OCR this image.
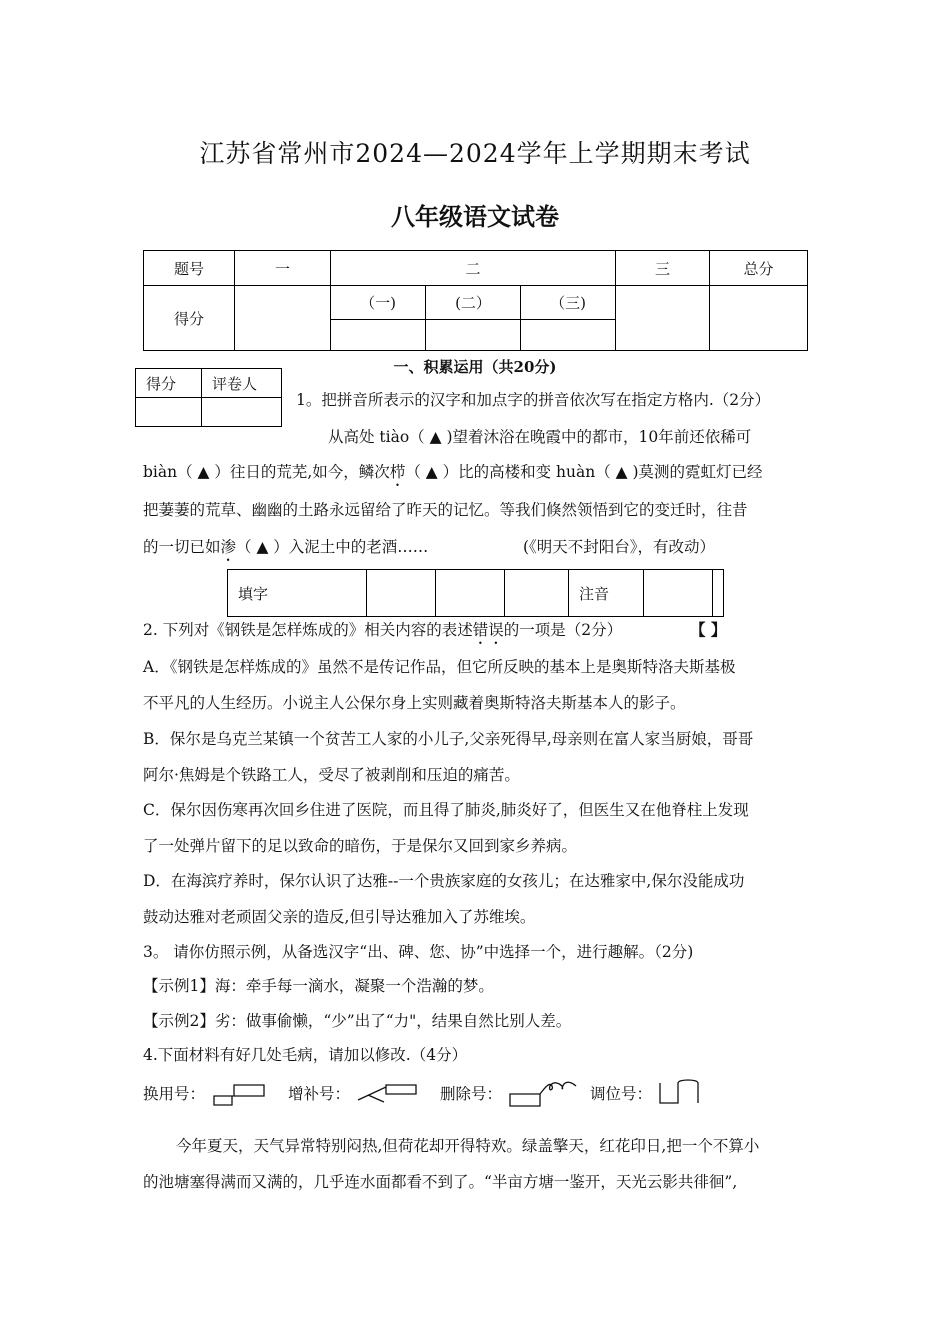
江苏省常州市2024—2024学年上学期期末考试
八年级语文试卷
题号	一	二			三	总分
得分		（一)	(二）	（三)		

一、积累运用（共20分)
得分	评卷人

1。把拼音所表示的汉字和加点字的拼音依次写在指定方格内.（2分）
从高处 tiào（ ▲ )望着沐浴在晚霞中的都市，10年前还依稀可
biàn（ ▲ ）往日的荒芜,如今，鳞次栉（ ▲ ）比的高楼和变 huàn（ ▲ )莫测的霓虹灯已经
把萋萋的荒草、幽幽的土路永远留给了昨天的记忆。等我们倏然领悟到它的变迁时，往昔
的一切已如渗（ ▲ ）入泥土中的老酒……	(《明天不封阳台》，有改动）
填字				注音		
2. 下列对《钢铁是怎样炼成的》相关内容的表述错误的一项是（2分）	【 】
A．《钢铁是怎样炼成的》虽然不是传记作品，但它所反映的基本上是奥斯特洛夫斯基极
不平凡的人生经历。小说主人公保尔身上实则藏着奥斯特洛夫斯基本人的影子。
B．保尔是乌克兰某镇一个贫苦工人家的小儿子,父亲死得早,母亲则在富人家当厨娘，哥哥
阿尔·焦姆是个铁路工人，受尽了被剥削和压迫的痛苦。
C．保尔因伤寒再次回乡住进了医院，而且得了肺炎,肺炎好了，但医生又在他脊柱上发现
了一处弹片留下的足以致命的暗伤，于是保尔又回到家乡养病。
D．在海滨疗养时，保尔认识了达雅--一个贵族家庭的女孩儿；在达雅家中,保尔没能成功
鼓动达雅对老顽固父亲的造反,但引导达雅加入了苏维埃。
3。 请你仿照示例，从备选汉字“出、碑、您、协”中选择一个，进行趣解。（2分)
【示例1】海：牵手每一滴水，凝聚一个浩瀚的梦。
【示例2】劣：做事偷懒，“少”出了“力"，结果自然比别人差。
4.下面材料有好几处毛病，请加以修改.（4分）
换用号：	增补号：	删除号：	调位号：
今年夏天，天气异常特别闷热,但荷花却开得特欢。绿盖擎天，红花印日,把一个不算小
的池塘塞得满而又满的，几乎连水面都看不到了。“半亩方塘一鉴开，天光云影共徘徊”,
